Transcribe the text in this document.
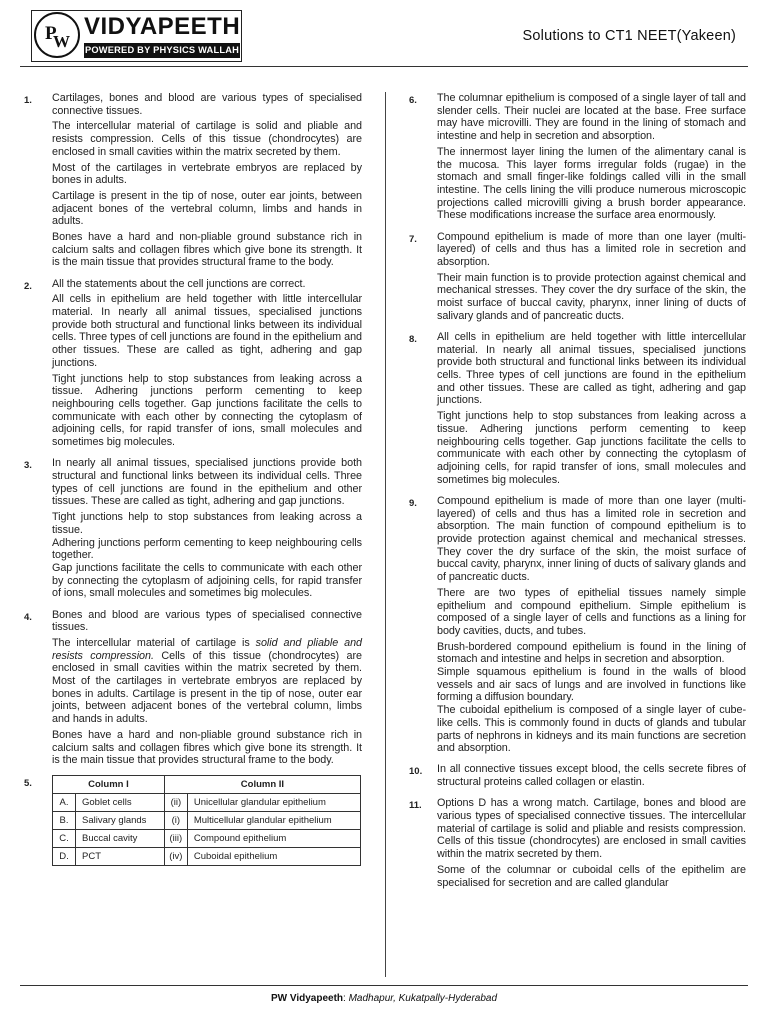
P
W
VIDYAPEETH
POWERED BY PHYSICS WALLAH
Solutions to CT1 NEET(Yakeen)
1. Cartilages, bones and blood are various types of specialised connective tissues.

The intercellular material of cartilage is solid and pliable and resists compression. Cells of this tissue (chondrocytes) are enclosed in small cavities within the matrix secreted by them.

Most of the cartilages in vertebrate embryos are replaced by bones in adults.

Cartilage is present in the tip of nose, outer ear joints, between adjacent bones of the vertebral column, limbs and hands in adults.

Bones have a hard and non-pliable ground substance rich in calcium salts and collagen fibres which give bone its strength. It is the main tissue that provides structural frame to the body.

2. All the statements about the cell junctions are correct.

All cells in epithelium are held together with little intercellular material. In nearly all animal tissues, specialised junctions provide both structural and functional links between its individual cells. Three types of cell junctions are found in the epithelium and other tissues. These are called as tight, adhering and gap junctions.

Tight junctions help to stop substances from leaking across a tissue. Adhering junctions perform cementing to keep neighbouring cells together. Gap junctions facilitate the cells to communicate with each other by connecting the cytoplasm of adjoining cells, for rapid transfer of ions, small molecules and sometimes big molecules.

3. In nearly all animal tissues, specialised junctions provide both structural and functional links between its individual cells. Three types of cell junctions are found in the epithelium and other tissues. These are called as tight, adhering and gap junctions.

Tight junctions help to stop substances from leaking across a tissue.

Adhering junctions perform cementing to keep neighbouring cells together.

Gap junctions facilitate the cells to communicate with each other by connecting the cytoplasm of adjoining cells, for rapid transfer of ions, small molecules and sometimes big molecules.

4. Bones and blood are various types of specialised connective tissues.

The intercellular material of cartilage is solid and pliable and resists compression. Cells of this tissue (chondrocytes) are enclosed in small cavities within the matrix secreted by them. Most of the cartilages in vertebrate embryos are replaced by bones in adults. Cartilage is present in the tip of nose, outer ear joints, between adjacent bones of the vertebral column, limbs and hands in adults.

Bones have a hard and non-pliable ground substance rich in calcium salts and collagen fibres which give bone its strength. It is the main tissue that provides structural frame to the body.

5.	Column I		Column II	
A.	Goblet cells	(ii)	Unicellular glandular epithelium
B.	Salivary glands	(i)	Multicellular glandular epithelium
C.	Buccal cavity	(iii)	Compound epithelium
D.	PCT	(iv)	Cuboidal epithelium
6. The columnar epithelium is composed of a single layer of tall and slender cells. Their nuclei are located at the base. Free surface may have microvilli. They are found in the lining of stomach and intestine and help in secretion and absorption.

The innermost layer lining the lumen of the alimentary canal is the mucosa. This layer forms irregular folds (rugae) in the stomach and small finger-like foldings called villi in the small intestine. The cells lining the villi produce numerous microscopic projections called microvilli giving a brush border appearance. These modifications increase the surface area enormously.

7. Compound epithelium is made of more than one layer (multi-layered) of cells and thus has a limited role in secretion and absorption.

Their main function is to provide protection against chemical and mechanical stresses. They cover the dry surface of the skin, the moist surface of buccal cavity, pharynx, inner lining of ducts of salivary glands and of pancreatic ducts.

8. All cells in epithelium are held together with little intercellular material. In nearly all animal tissues, specialised junctions provide both structural and functional links between its individual cells. Three types of cell junctions are found in the epithelium and other tissues. These are called as tight, adhering and gap junctions.

Tight junctions help to stop substances from leaking across a tissue. Adhering junctions perform cementing to keep neighbouring cells together. Gap junctions facilitate the cells to communicate with each other by connecting the cytoplasm of adjoining cells, for rapid transfer of ions, small molecules and sometimes big molecules.

9. Compound epithelium is made of more than one layer (multi-layered) of cells and thus has a limited role in secretion and absorption. The main function of compound epithelium is to provide protection against chemical and mechanical stresses. They cover the dry surface of the skin, the moist surface of buccal cavity, pharynx, inner lining of ducts of salivary glands and of pancreatic ducts.

There are two types of epithelial tissues namely simple epithelium and compound epithelium. Simple epithelium is composed of a single layer of cells and functions as a lining for body cavities, ducts, and tubes.

Brush-bordered compound epithelium is found in the lining of stomach and intestine and helps in secretion and absorption.

Simple squamous epithelium is found in the walls of blood vessels and air sacs of lungs and are involved in functions like forming a diffusion boundary.

The cuboidal epithelium is composed of a single layer of cube-like cells. This is commonly found in ducts of glands and tubular parts of nephrons in kidneys and its main functions are secretion and absorption.

10. In all connective tissues except blood, the cells secrete fibres of structural proteins called collagen or elastin.

11. Options D has a wrong match. Cartilage, bones and blood are various types of specialised connective tissues. The intercellular material of cartilage is solid and pliable and resists compression. Cells of this tissue (chondrocytes) are enclosed in small cavities within the matrix secreted by them.

Some of the columnar or cuboidal cells of the epithelim are specialised for secretion and are called glandular

PW Vidyapeeth: Madhapur, Kukatpally-Hyderabad
